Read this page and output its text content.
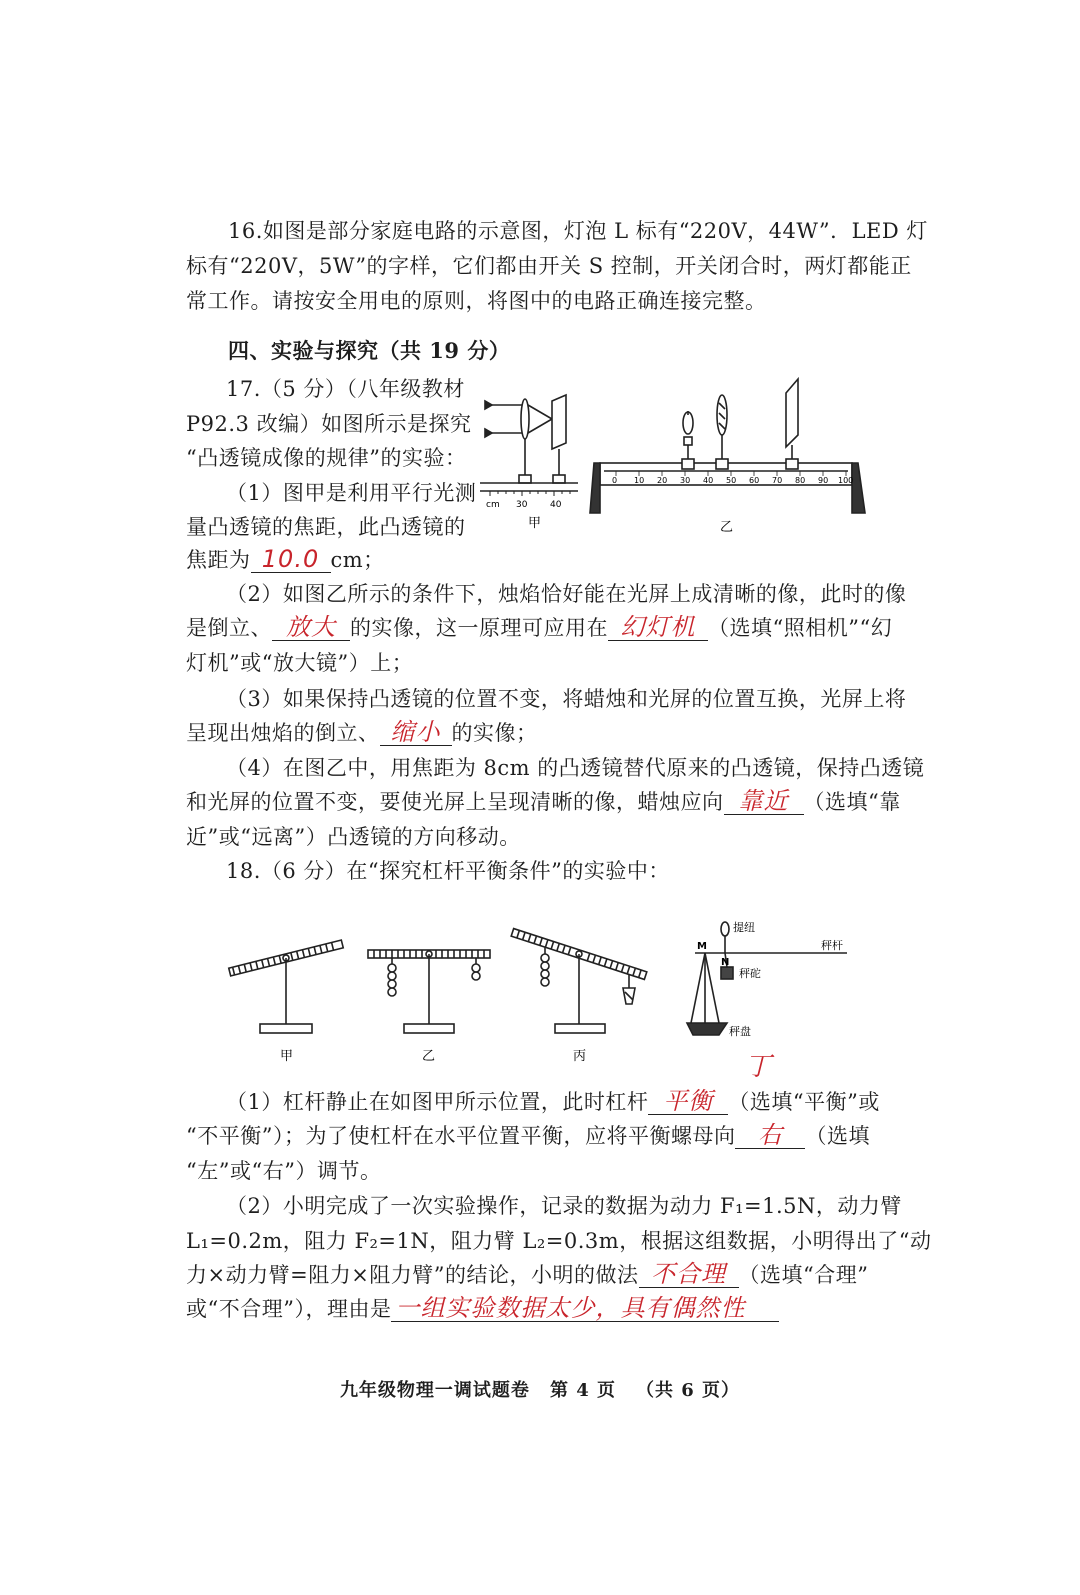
16.如图是部分家庭电路的示意图，灯泡 L 标有“220V，44W”．LED 灯
标有“220V，5W”的字样，它们都由开关 S 控制，开关闭合时，两灯都能正
常工作。请按安全用电的原则，将图中的电路正确连接完整。
四、实验与探究（共 19 分）
17.（5 分）（八年级教材
P92.3 改编）如图所示是探究
“凸透镜成像的规律”的实验：
（1）图甲是利用平行光测
量凸透镜的焦距，此凸透镜的
焦距为 10.0 cm；
cm 30	40
甲
0 10 20 30 40 50 60 70 80 90 100
乙
（2）如图乙所示的条件下，烛焰恰好能在光屏上成清晰的像，此时的像
是倒立、 放大 的实像，这一原理可应用在 幻灯机 （选填“照相机”“幻
灯机”或“放大镜”）上；
（3）如果保持凸透镜的位置不变，将蜡烛和光屏的位置互换，光屏上将
呈现出烛焰的倒立、 缩小 的实像；
（4）在图乙中，用焦距为 8cm 的凸透镜替代原来的凸透镜，保持凸透镜
和光屏的位置不变，要使光屏上呈现清晰的像，蜡烛应向 靠近 （选填“靠
近”或“远离”）凸透镜的方向移动。
18.（6 分）在“探究杠杆平衡条件”的实验中：
甲	乙	丙
M
N
提纽
秤杆
秤砣
秤盘
丁
（1）杠杆静止在如图甲所示位置，此时杠杆 平衡 （选填“平衡”或
“不平衡”）；为了使杠杆在水平位置平衡，应将平衡螺母向 右 （选填
“左”或“右”）调节。
（2）小明完成了一次实验操作，记录的数据为动力 F₁=1.5N，动力臂
L₁=0.2m，阻力 F₂=1N，阻力臂 L₂=0.3m，根据这组数据，小明得出了“动
力×动力臂=阻力×阻力臂”的结论，小明的做法 不合理 （选填“合理”
或“不合理”），理由是 一组实验数据太少，具有偶然性
九年级物理一调试题卷 第 4 页 （共 6 页）
